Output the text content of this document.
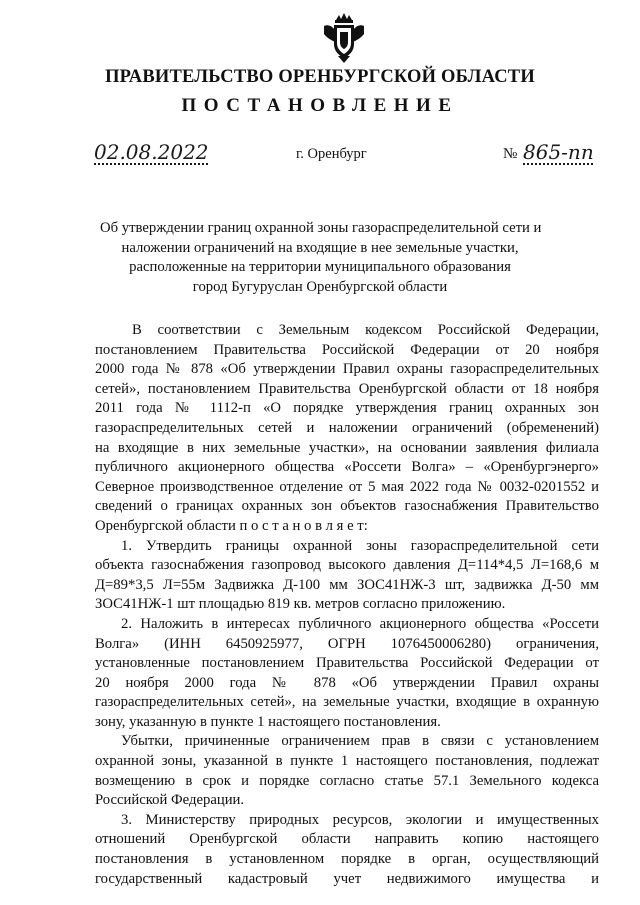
ПРАВИТЕЛЬСТВО ОРЕНБУРГСКОЙ ОБЛАСТИ
ПОСТАНОВЛЕНИЕ
02.08.2022	г. Оренбург	№ 865-пп
Об утверждении границ охранной зоны газораспределительной сети и
наложении ограничений на входящие в нее земельные участки,
расположенные на территории муниципального образования
город Бугуруслан Оренбургской области
В соответствии с Земельным кодексом Российской Федерации,
постановлением Правительства Российской Федерации от 20 ноября
2000 года № 878 «Об утверждении Правил охраны газораспределительных
сетей», постановлением Правительства Оренбургской области от 18 ноября
2011 года № 1112-п «О порядке утверждения границ охранных зон
газораспределительных сетей и наложении ограничений (обременений)
на входящие в них земельные участки», на основании заявления филиала
публичного акционерного общества «Россети Волга» – «Оренбургэнерго»
Северное производственное отделение от 5 мая 2022 года № 0032-0201552 и
сведений о границах охранных зон объектов газоснабжения Правительство
Оренбургской области п о с т а н о в л я е т:
1. Утвердить границы охранной зоны газораспределительной сети
объекта газоснабжения газопровод высокого давления Д=114*4,5 Л=168,6 м
Д=89*3,5 Л=55м Задвижка Д-100 мм ЗОС41НЖ-3 шт, задвижка Д-50 мм
ЗОС41НЖ-1 шт площадью 819 кв. метров согласно приложению.
2. Наложить в интересах публичного акционерного общества «Россети
Волга» (ИНН 6450925977, ОГРН 1076450006280) ограничения,
установленные постановлением Правительства Российской Федерации от
20 ноября 2000 года № 878 «Об утверждении Правил охраны
газораспределительных сетей», на земельные участки, входящие в охранную
зону, указанную в пункте 1 настоящего постановления.
Убытки, причиненные ограничением прав в связи с установлением
охранной зоны, указанной в пункте 1 настоящего постановления, подлежат
возмещению в срок и порядке согласно статье 57.1 Земельного кодекса
Российской Федерации.
3. Министерству природных ресурсов, экологии и имущественных
отношений Оренбургской области направить копию настоящего
постановления в установленном порядке в орган, осуществляющий
государственный кадастровый учет недвижимого имущества и
